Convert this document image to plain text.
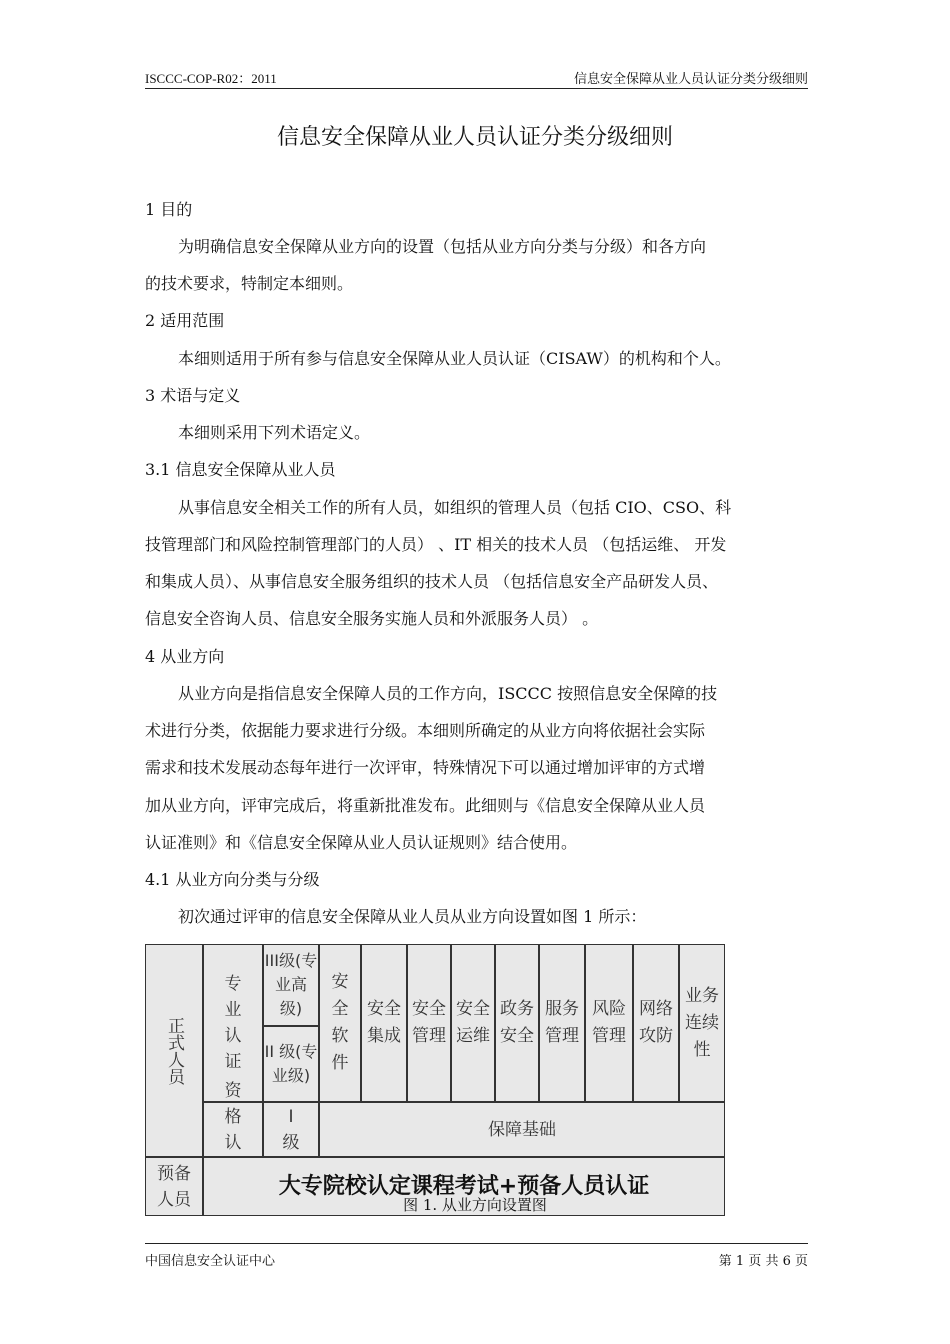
ISCCC-COP-R02：2011	信息安全保障从业人员认证分类分级细则
信息安全保障从业人员认证分类分级细则
1 目的
为明确信息安全保障从业方向的设置（包括从业方向分类与分级）和各方向
的技术要求，特制定本细则。
2 适用范围
本细则适用于所有参与信息安全保障从业人员认证（CISAW）的机构和个人。
3 术语与定义
本细则采用下列术语定义。
3.1 信息安全保障从业人员
从事信息安全相关工作的所有人员，如组织的管理人员（包括 CIO、CSO、科
技管理部门和风险控制管理部门的人员） 、IT 相关的技术人员 （包括运维、 开发
和集成人员）、从事信息安全服务组织的技术人员 （包括信息安全产品研发人员、
信息安全咨询人员、信息安全服务实施人员和外派服务人员） 。
4 从业方向
从业方向是指信息安全保障人员的工作方向，ISCCC 按照信息安全保障的技
术进行分类，依据能力要求进行分级。本细则所确定的从业方向将依据社会实际
需求和技术发展动态每年进行一次评审，特殊情况下可以通过增加评审的方式增
加从业方向，评审完成后，将重新批准发布。此细则与《信息安全保障从业人员
认证准则》和《信息安全保障从业人员认证规则》结合使用。
4.1 从业方向分类与分级
初次通过评审的信息安全保障从业人员从业方向设置如图 1 所示：
正式人员
专业认证
III级(专业高级)
II 级(专业级)
安全软件
安全集成
安全管理
安全运维
政务安全
服务管理
风险管理
网络攻防
业务连续性
格认
I 级
保障基础
预备人员
大专院校认定课程考试+预备人员认证
图 1. 从业方向设置图
中国信息安全认证中心	第 1 页 共 6 页
